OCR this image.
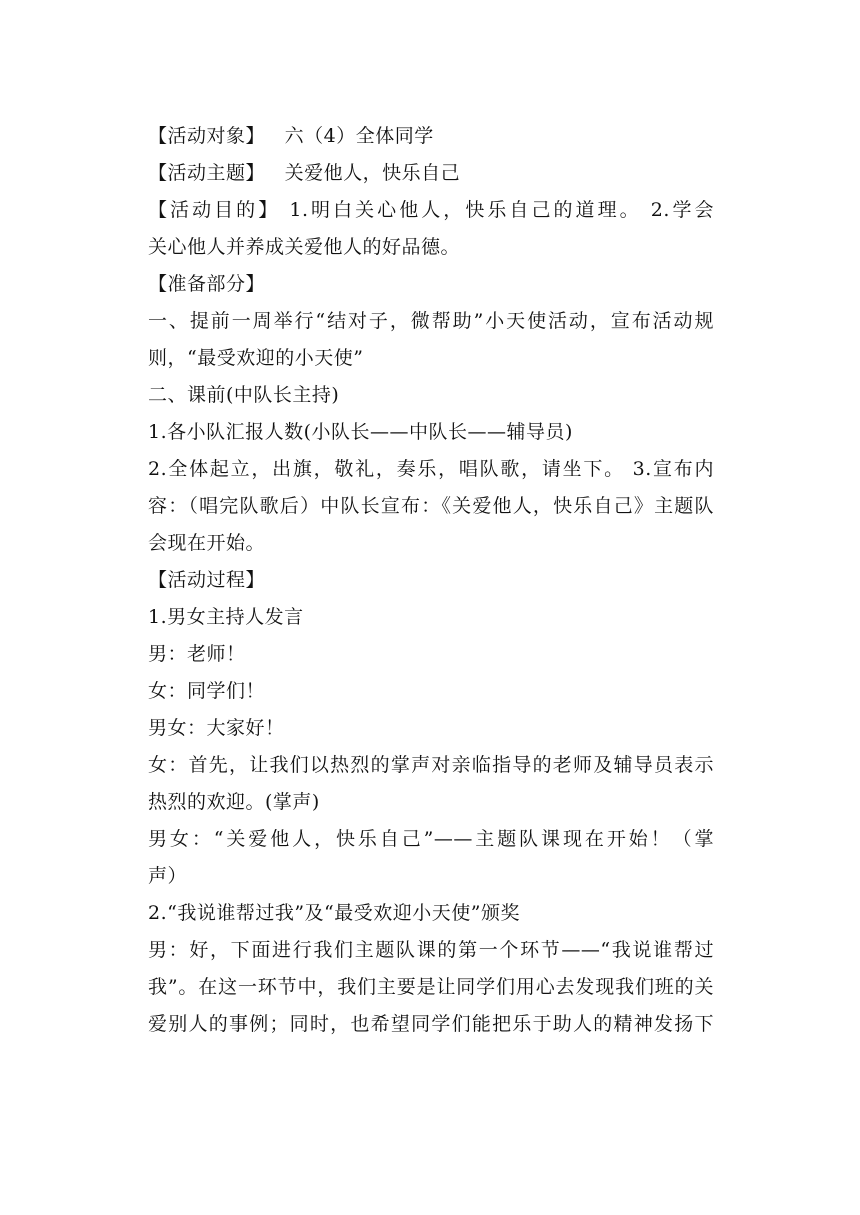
【活动对象】   六（4）全体同学
【活动主题】   关爱他人，快乐自己
【活动目的】 1.明白关心他人，快乐自己的道理。 2.学会
关心他人并养成关爱他人的好品德。
【准备部分】
一、提前一周举行“结对子，微帮助”小天使活动，宣布活动规
则，“最受欢迎的小天使”
二、课前(中队长主持)
1.各小队汇报人数(小队长——中队长——辅导员)
2.全体起立，出旗，敬礼，奏乐，唱队歌，请坐下。 3.宣布内
容：（唱完队歌后）中队长宣布：《关爱他人，快乐自己》主题队
会现在开始。
【活动过程】
1.男女主持人发言
男：老师！
女：同学们！
男女：大家好！
女：首先，让我们以热烈的掌声对亲临指导的老师及辅导员表示
热烈的欢迎。(掌声)
男女：“关爱他人，快乐自己”——主题队课现在开始！（掌
声）
2.“我说谁帮过我”及“最受欢迎小天使”颁奖
男：好，下面进行我们主题队课的第一个环节——“我说谁帮过
我”。在这一环节中，我们主要是让同学们用心去发现我们班的关
爱别人的事例；同时，也希望同学们能把乐于助人的精神发扬下
